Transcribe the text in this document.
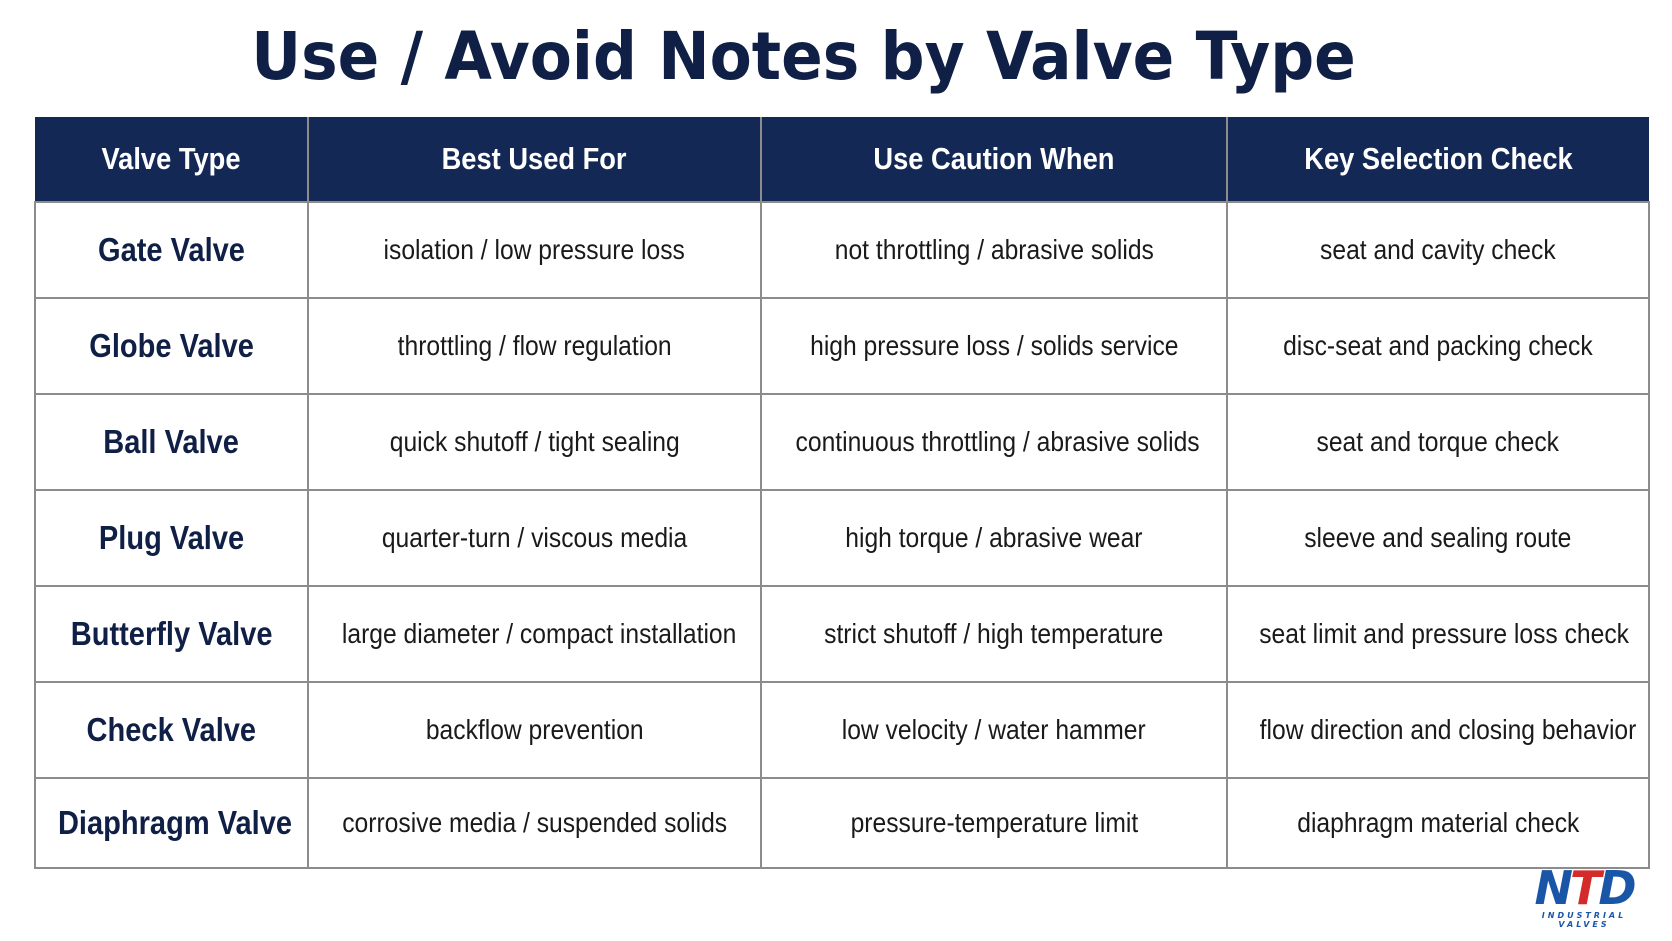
Use / Avoid Notes by Valve Type
Valve Type	Best Used For	Use Caution When	Key Selection Check
Gate Valve	isolation / low pressure loss	not throttling / abrasive solids	seat and cavity check
Globe Valve	throttling / flow regulation	high pressure loss / solids service	disc-seat and packing check
Ball Valve	quick shutoff / tight sealing	continuous throttling / abrasive solids	seat and torque check
Plug Valve	quarter-turn / viscous media	high torque / abrasive wear	sleeve and sealing route
Butterfly Valve	large diameter / compact installation	strict shutoff / high temperature	seat limit and pressure loss check
Check Valve	backflow prevention	low velocity / water hammer	flow direction and closing behavior
Diaphragm Valve	corrosive media / suspended solids	pressure-temperature limit	diaphragm material check
NTD
INDUSTRIAL VALVES
